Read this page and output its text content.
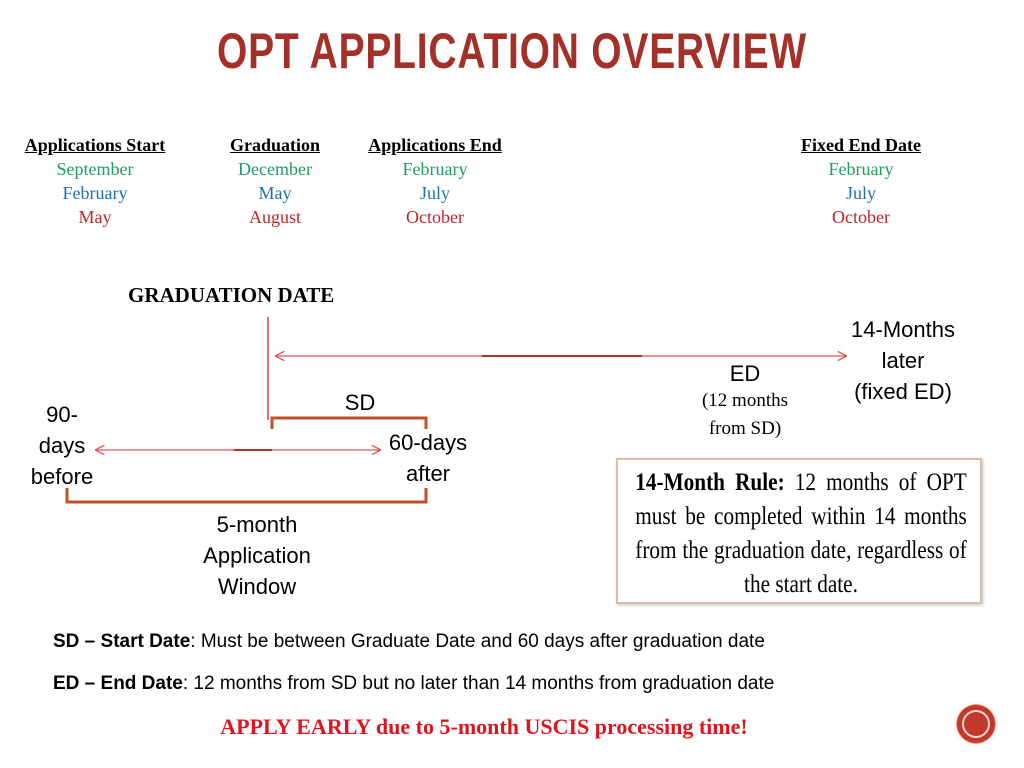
OPT APPLICATION OVERVIEW
Applications Start
September
February
May
Graduation
December
May
August
Applications End
February
July
October
Fixed End Date
February
July
October
GRADUATION DATE
14-Months
later
(fixed ED)
ED
(12 months
from SD)
SD
90-
days
before
60-days
after
5-month
Application
Window
14-Month Rule: 12 months of OPT must be completed within 14 months from the graduation date, regardless of the start date.
SD – Start Date: Must be between Graduate Date and 60 days after graduation date
ED – End Date: 12 months from SD but no later than 14 months from graduation date
APPLY EARLY due to 5-month USCIS processing time!
